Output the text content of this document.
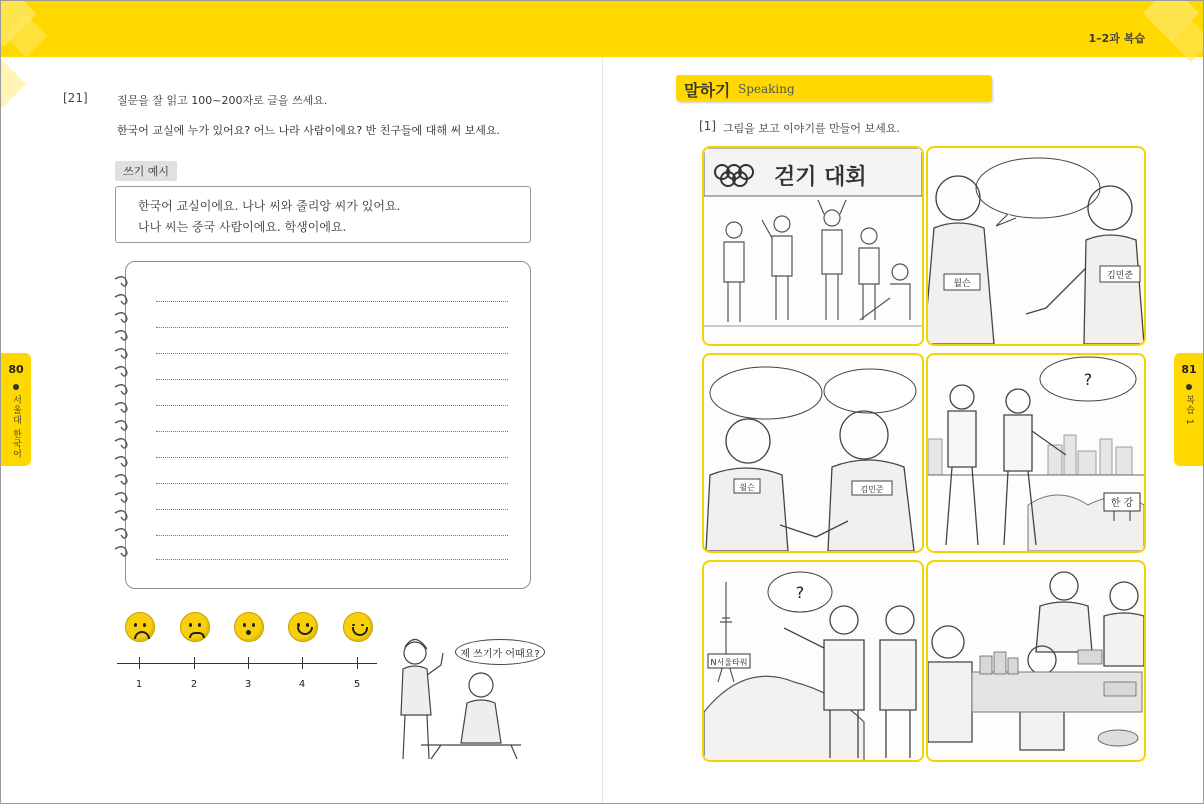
1–2과 복습
80
서울대 한국어
81
복습 1
[21]	질문을 잘 읽고 100~200자로 글을 쓰세요.
한국어 교실에 누가 있어요? 어느 나라 사람이에요? 반 친구들에 대해 써 보세요.
쓰기 예시
한국어 교실이에요. 나나 씨와 줄리앙 씨가 있어요.
나나 씨는 중국 사람이에요. 학생이에요.
1	2	3	4	5
제 쓰기가 어때요?
말하기 Speaking
[1] 그림을 보고 이야기를 만들어 보세요.
걷기 대회
윌슨
김민준
윌슨	김민준
?
한 강
?
N서울타워
